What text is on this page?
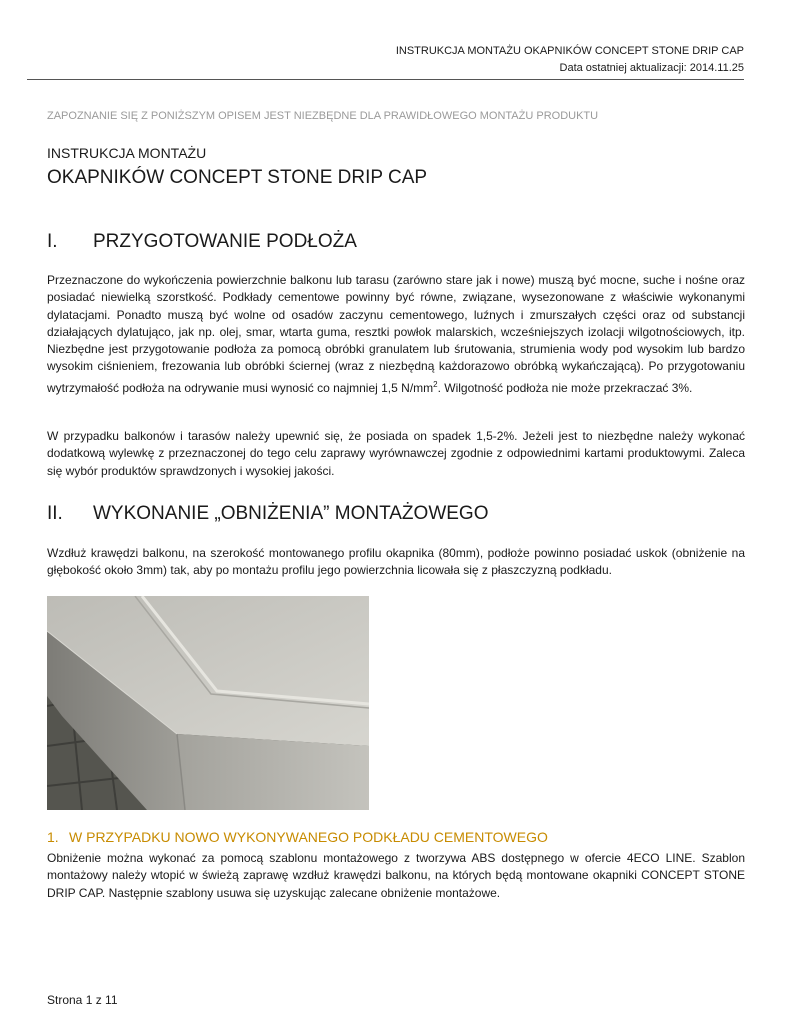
INSTRUKCJA MONTAŻU OKAPNIKÓW CONCEPT STONE DRIP CAP
Data ostatniej aktualizacji: 2014.11.25
ZAPOZNANIE SIĘ Z PONIŻSZYM OPISEM JEST NIEZBĘDNE DLA PRAWIDŁOWEGO MONTAŻU PRODUKTU
INSTRUKCJA MONTAŻU
OKAPNIKÓW CONCEPT STONE DRIP CAP
I. PRZYGOTOWANIE PODŁOŻA
Przeznaczone do wykończenia powierzchnie balkonu lub tarasu (zarówno stare jak i nowe) muszą być mocne, suche i nośne oraz posiadać niewielką szorstkość. Podkłady cementowe powinny być równe, związane, wysezonowane z właściwie wykonanymi dylatacjami. Ponadto muszą być wolne od osadów zaczynu cementowego, luźnych i zmurszałych części oraz od substancji działających dylatująco, jak np. olej, smar, wtarta guma, resztki powłok malarskich, wcześniejszych izolacji wilgotnościowych, itp. Niezbędne jest przygotowanie podłoża za pomocą obróbki granulatem lub śrutowania, strumienia wody pod wysokim lub bardzo wysokim ciśnieniem, frezowania lub obróbki ściernej (wraz z niezbędną każdorazowo obróbką wykańczającą). Po przygotowaniu wytrzymałość podłoża na odrywanie musi wynosić co najmniej 1,5 $N/mm^2$. Wilgotność podłoża nie może przekraczać 3%.
W przypadku balkonów i tarasów należy upewnić się, że posiada on spadek 1,5-2%. Jeżeli jest to niezbędne należy wykonać dodatkową wylewkę z przeznaczonej do tego celu zaprawy wyrównawczej zgodnie z odpowiednimi kartami produktowymi. Zaleca się wybór produktów sprawdzonych i wysokiej jakości.
II. WYKONANIE „OBNIŻENIA” MONTAŻOWEGO
Wzdłuż krawędzi balkonu, na szerokość montowanego profilu okapnika (80mm), podłoże powinno posiadać uskok (obniżenie na głębokość około 3mm) tak, aby po montażu profilu jego powierzchnia licowała się z płaszczyzną podkładu.
1. W PRZYPADKU NOWO WYKONYWANEGO PODKŁADU CEMENTOWEGO
Obniżenie można wykonać za pomocą szablonu montażowego z tworzywa ABS dostępnego w ofercie 4ECO LINE. Szablon montażowy należy wtopić w świeżą zaprawę wzdłuż krawędzi balkonu, na których będą montowane okapniki CONCEPT STONE DRIP CAP. Następnie szablony usuwa się uzyskując zalecane obniżenie montażowe.
Strona 1 z 11
